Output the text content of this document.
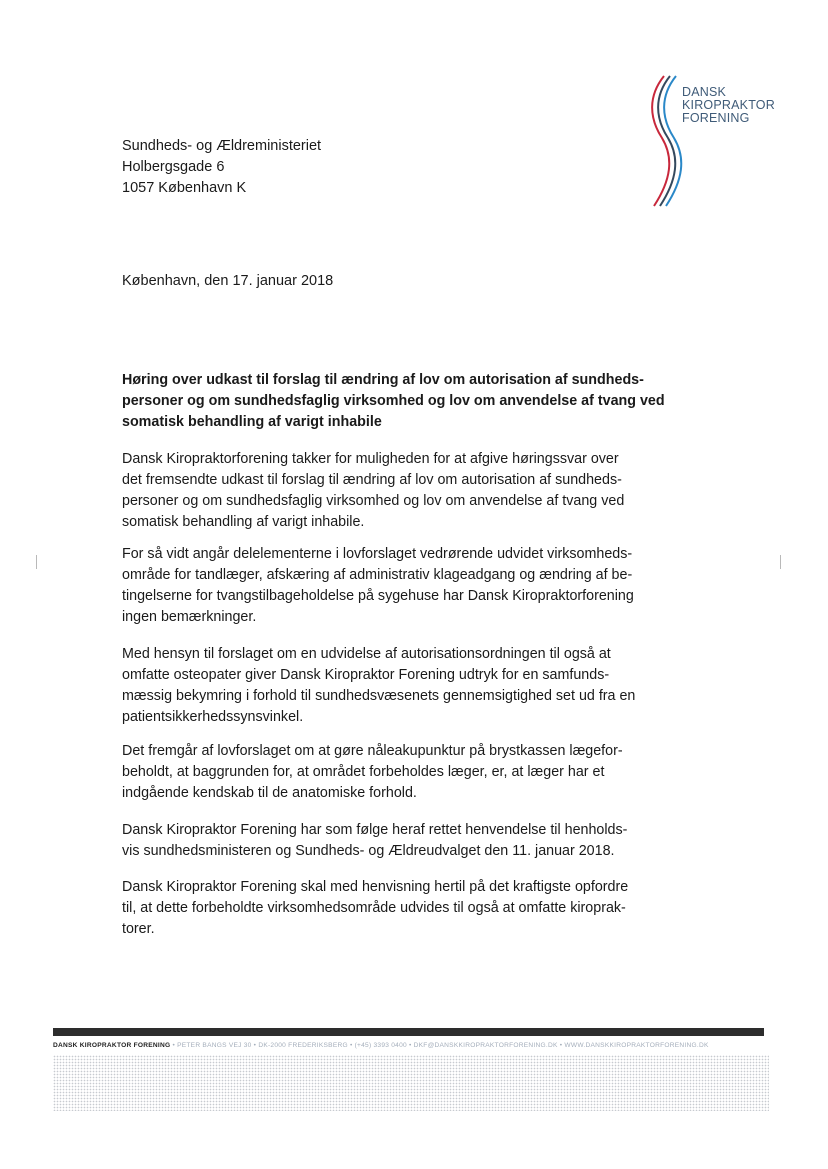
DANSK
KIROPRAKTOR
FORENING
Sundheds- og Ældreministeriet
Holbergsgade 6
1057 København K
København, den 17. januar 2018
Høring over udkast til forslag til ændring af lov om autorisation af sundheds-
personer og om sundhedsfaglig virksomhed og lov om anvendelse af tvang ved
somatisk behandling af varigt inhabile
Dansk Kiropraktorforening takker for muligheden for at afgive høringssvar over
det fremsendte udkast til forslag til ændring af lov om autorisation af sundheds-
personer og om sundhedsfaglig virksomhed og lov om anvendelse af tvang ved
somatisk behandling af varigt inhabile.
For så vidt angår delelementerne i lovforslaget vedrørende udvidet virksomheds-
område for tandlæger, afskæring af administrativ klageadgang og ændring af be-
tingelserne for tvangstilbageholdelse på sygehuse har Dansk Kiropraktorforening
ingen bemærkninger.
Med hensyn til forslaget om en udvidelse af autorisationsordningen til også at
omfatte osteopater giver Dansk Kiropraktor Forening udtryk for en samfunds-
mæssig bekymring i forhold til sundhedsvæsenets gennemsigtighed set ud fra en
patientsikkerhedssynsvinkel.
Det fremgår af lovforslaget om at gøre nåleakupunktur på brystkassen lægefor-
beholdt, at baggrunden for, at området forbeholdes læger, er, at læger har et
indgående kendskab til de anatomiske forhold.
Dansk Kiropraktor Forening har som følge heraf rettet henvendelse til henholds-
vis sundhedsministeren og Sundheds- og Ældreudvalget den 11. januar 2018.
Dansk Kiropraktor Forening skal med henvisning hertil på det kraftigste opfordre
til, at dette forbeholdte virksomhedsområde udvides til også at omfatte kiroprak-
torer.
DANSK KIROPRAKTOR FORENING • PETER BANGS VEJ 30 • DK-2000 FREDERIKSBERG • (+45) 3393 0400 • DKF@DANSKKIROPRAKTORFORENING.DK • WWW.DANSKKIROPRAKTORFORENING.DK
